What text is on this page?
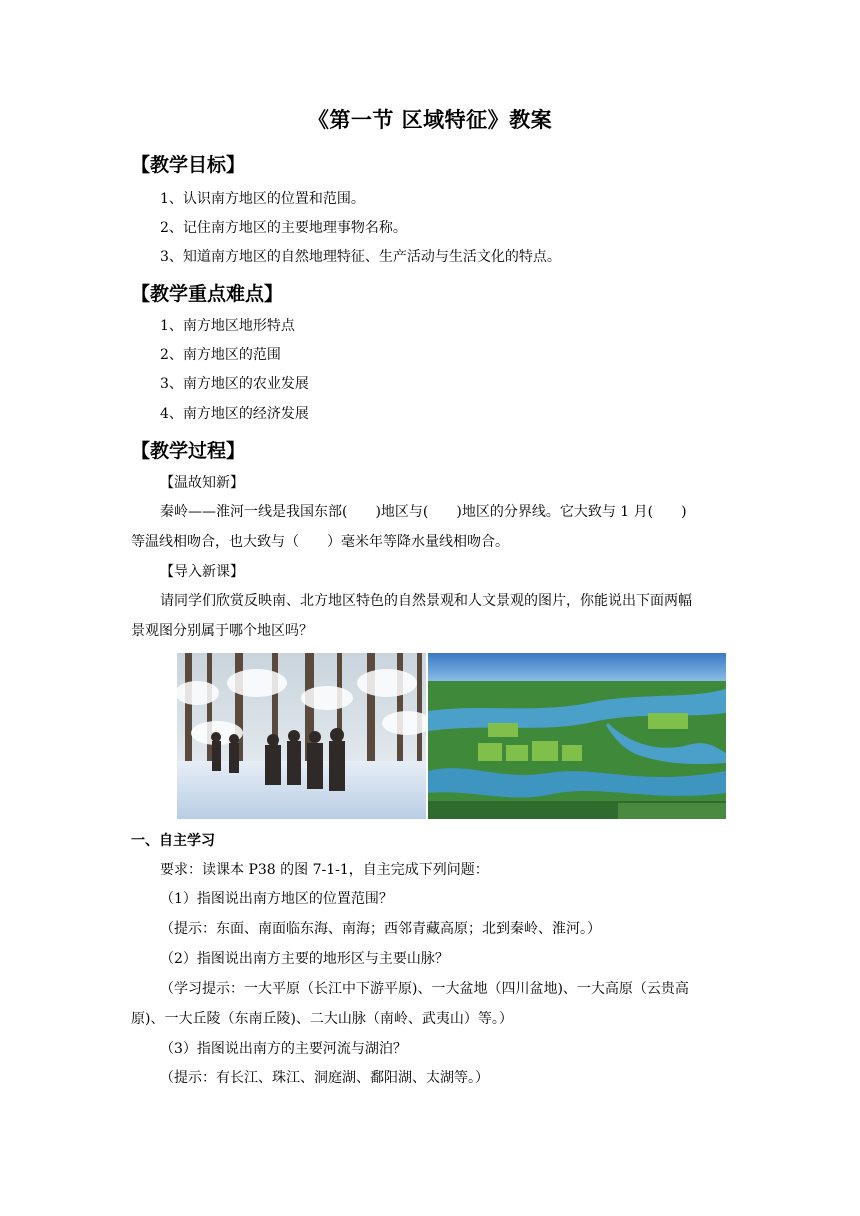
《第一节 区域特征》教案
【教学目标】
1、认识南方地区的位置和范围。
2、记住南方地区的主要地理事物名称。
3、知道南方地区的自然地理特征、生产活动与生活文化的特点。
【教学重点难点】
1、南方地区地形特点
2、南方地区的范围
3、南方地区的农业发展
4、南方地区的经济发展
【教学过程】
【温故知新】
秦岭——淮河一线是我国东部(　　)地区与(　　)地区的分界线。它大致与 1 月(　　)
等温线相吻合，也大致与（　　）毫米年等降水量线相吻合。
【导入新课】
请同学们欣赏反映南、北方地区特色的自然景观和人文景观的图片，你能说出下面两幅
景观图分别属于哪个地区吗？
一、自主学习
要求：读课本 P38 的图 7-1-1，自主完成下列问题：
（1）指图说出南方地区的位置范围？
（提示：东面、南面临东海、南海；西邻青藏高原；北到秦岭、淮河。）
（2）指图说出南方主要的地形区与主要山脉？
（学习提示：一大平原（长江中下游平原)、一大盆地（四川盆地)、一大高原（云贵高
原)、一大丘陵（东南丘陵)、二大山脉（南岭、武夷山）等。）
（3）指图说出南方的主要河流与湖泊？
（提示：有长江、珠江、洞庭湖、鄱阳湖、太湖等。）
